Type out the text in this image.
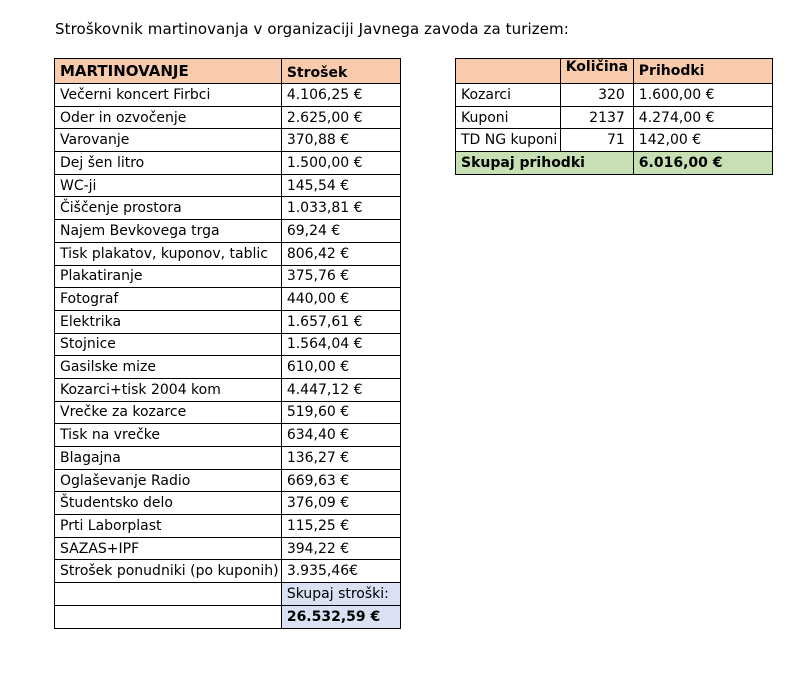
Stroškovnik martinovanja v organizaciji Javnega zavoda za turizem:
MARTINOVANJE	Strošek
Večerni koncert Firbci	4.106,25 €
Oder in ozvočenje	2.625,00 €
Varovanje	370,88 €
Dej šen litro	1.500,00 €
WC-ji	145,54 €
Čiščenje prostora	1.033,81 €
Najem Bevkovega trga	69,24 €
Tisk plakatov, kuponov, tablic	806,42 €
Plakatiranje	375,76 €
Fotograf	440,00 €
Elektrika	1.657,61 €
Stojnice	1.564,04 €
Gasilske mize	610,00 €
Kozarci+tisk 2004 kom	4.447,12 €
Vrečke za kozarce	519,60 €
Tisk na vrečke	634,40 €
Blagajna	136,27 €
Oglaševanje Radio	669,63 €
Študentsko delo	376,09 €
Prti Laborplast	115,25 €
SAZAS+IPF	394,22 €
Strošek ponudniki (po kuponih)	3.935,46€
	Skupaj stroški:
	26.532,59 €
	Količina	Prihodki
Kozarci	320	1.600,00 €
Kuponi	2137	4.274,00 €
TD NG kuponi	71	142,00 €
Skupaj prihodki		6.016,00 €
